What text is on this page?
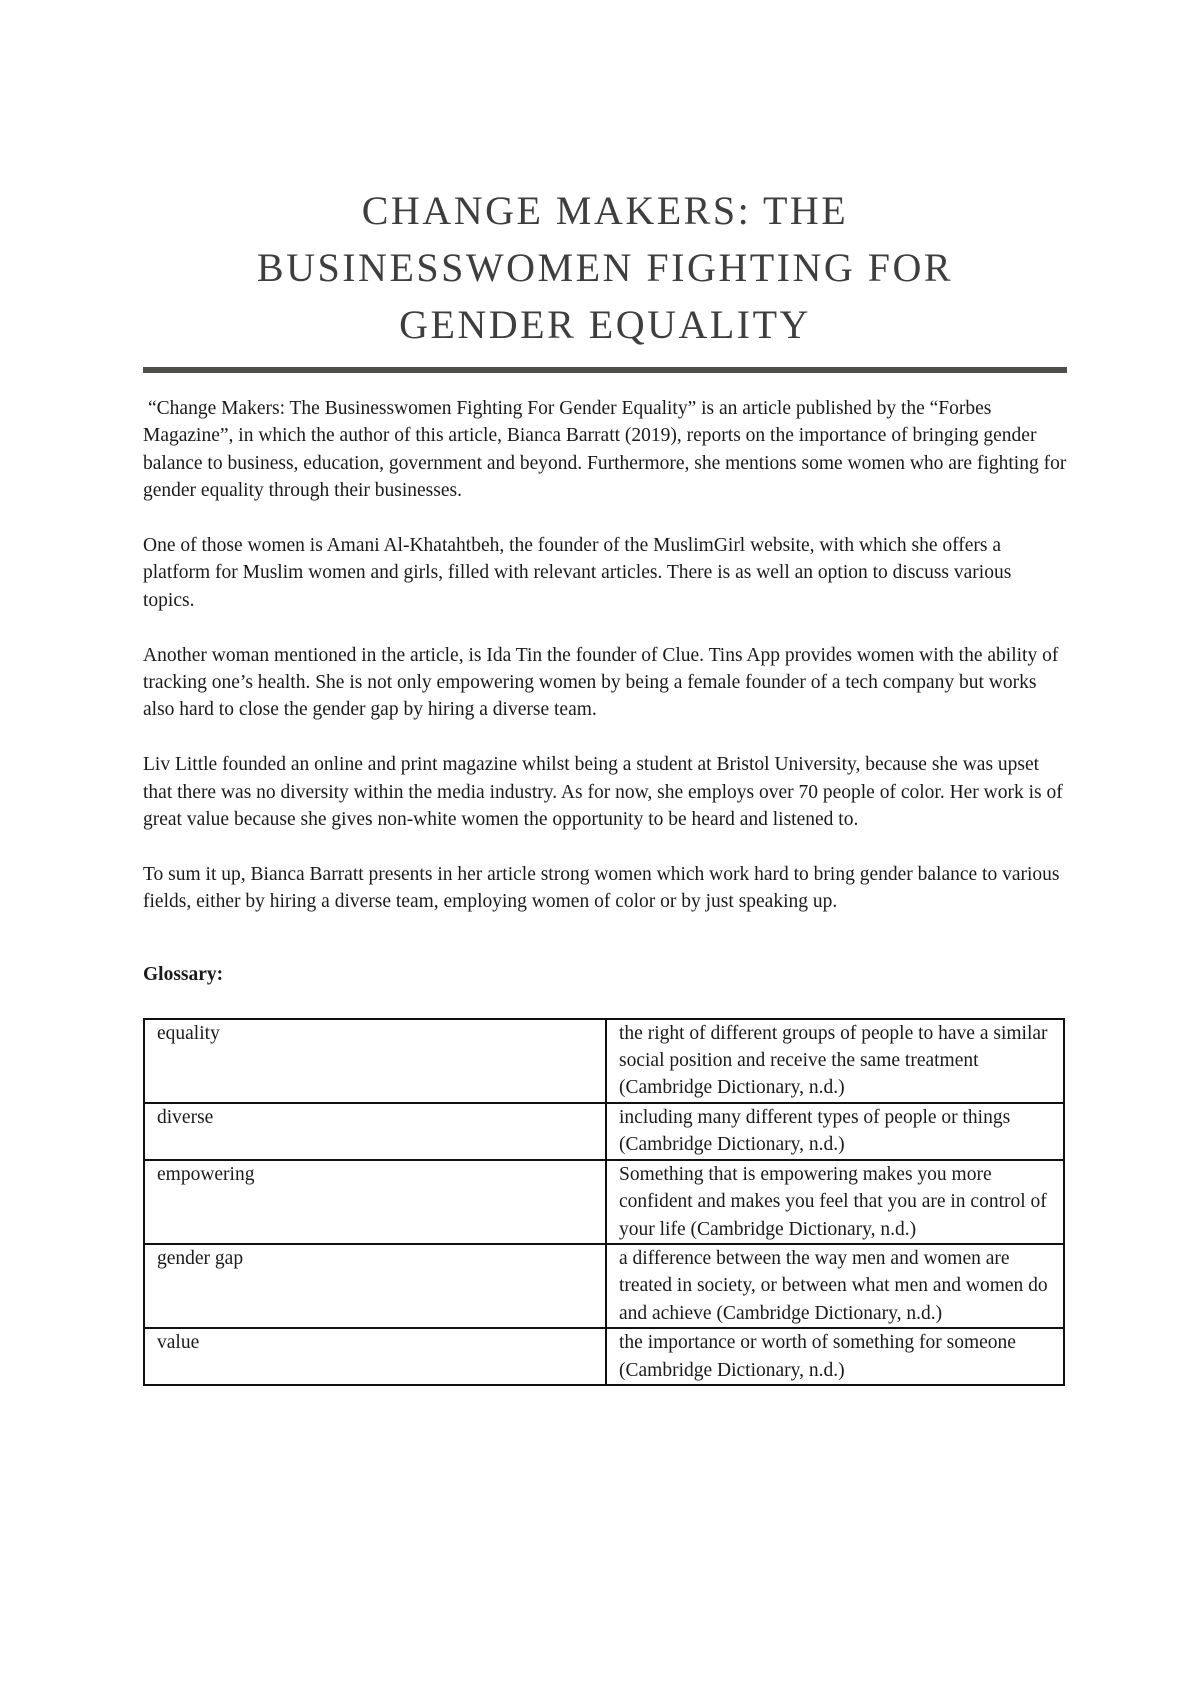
CHANGE MAKERS: THE
BUSINESSWOMEN FIGHTING FOR
GENDER EQUALITY

“Change Makers: The Businesswomen Fighting For Gender Equality” is an article published by the “Forbes Magazine”, in which the author of this article, Bianca Barratt (2019), reports on the importance of bringing gender balance to business, education, government and beyond. Furthermore, she mentions some women who are fighting for gender equality through their businesses.

One of those women is Amani Al-Khatahtbeh, the founder of the MuslimGirl website, with which she offers a platform for Muslim women and girls, filled with relevant articles. There is as well an option to discuss various topics.

Another woman mentioned in the article, is Ida Tin the founder of Clue. Tins App provides women with the ability of tracking one’s health. She is not only empowering women by being a female founder of a tech company but works also hard to close the gender gap by hiring a diverse team.

Liv Little founded an online and print magazine whilst being a student at Bristol University, because she was upset that there was no diversity within the media industry. As for now, she employs over 70 people of color. Her work is of great value because she gives non-white women the opportunity to be heard and listened to.

To sum it up, Bianca Barratt presents in her article strong women which work hard to bring gender balance to various fields, either by hiring a diverse team, employing women of color or by just speaking up.

Glossary:
equality	the right of different groups of people to have a similar social position and receive the same treatment (Cambridge Dictionary, n.d.)
diverse	including many different types of people or things (Cambridge Dictionary, n.d.)
empowering	Something that is empowering makes you more confident and makes you feel that you are in control of your life (Cambridge Dictionary, n.d.)
gender gap	a difference between the way men and women are treated in society, or between what men and women do and achieve (Cambridge Dictionary, n.d.)
value	the importance or worth of something for someone (Cambridge Dictionary, n.d.)
